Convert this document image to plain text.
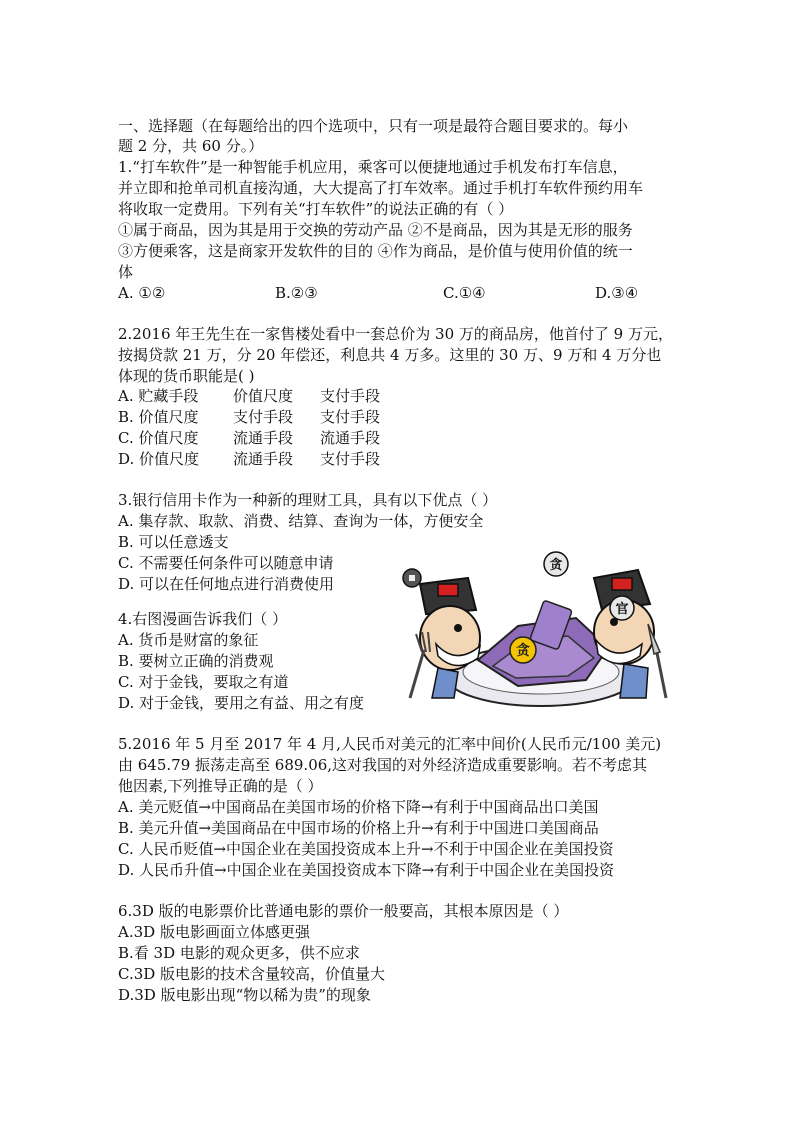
一、选择题（在每题给出的四个选项中，只有一项是最符合题目要求的。每小
题 2 分，共 60 分。）
1.“打车软件”是一种智能手机应用，乘客可以便捷地通过手机发布打车信息，
并立即和抢单司机直接沟通，大大提高了打车效率。通过手机打车软件预约用车
将收取一定费用。下列有关“打车软件”的说法正确的有（ ）
①属于商品，因为其是用于交换的劳动产品 ②不是商品，因为其是无形的服务
③方便乘客，这是商家开发软件的目的 ④作为商品，是价值与使用价值的统一
体
A. ①②	B.②③	C.①④	D.③④
2.2016 年王先生在一家售楼处看中一套总价为 30 万的商品房，他首付了 9 万元，
按揭贷款 21 万，分 20 年偿还，利息共 4 万多。这里的 30 万、9 万和 4 万分也
体现的货币职能是( )
A. 贮藏手段 价值尺度 支付手段
B. 价值尺度 支付手段 支付手段
C. 价值尺度 流通手段 流通手段
D. 价值尺度 流通手段 支付手段
3.银行信用卡作为一种新的理财工具，具有以下优点（ ）
A. 集存款、取款、消费、结算、查询为一体，方便安全
B. 可以任意透支
C. 不需要任何条件可以随意申请
D. 可以在任何地点进行消费使用
4.右图漫画告诉我们（ ）
A. 货币是财富的象征
B. 要树立正确的消费观
C. 对于金钱，要取之有道
D. 对于金钱，要用之有益、用之有度
贪
贪
官
5.2016 年 5 月至 2017 年 4 月,人民币对美元的汇率中间价(人民币元/100 美元)
由 645.79 振荡走高至 689.06,这对我国的对外经济造成重要影响。若不考虑其
他因素,下列推导正确的是（ ）
A. 美元贬值→中国商品在美国市场的价格下降→有利于中国商品出口美国
B. 美元升值→美国商品在中国市场的价格上升→有利于中国进口美国商品
C. 人民币贬值→中国企业在美国投资成本上升→不利于中国企业在美国投资
D. 人民币升值→中国企业在美国投资成本下降→有利于中国企业在美国投资
6.3D 版的电影票价比普通电影的票价一般要高，其根本原因是（ ）
A.3D 版电影画面立体感更强
B.看 3D 电影的观众更多，供不应求
C.3D 版电影的技术含量较高，价值量大
D.3D 版电影出现“物以稀为贵”的现象
